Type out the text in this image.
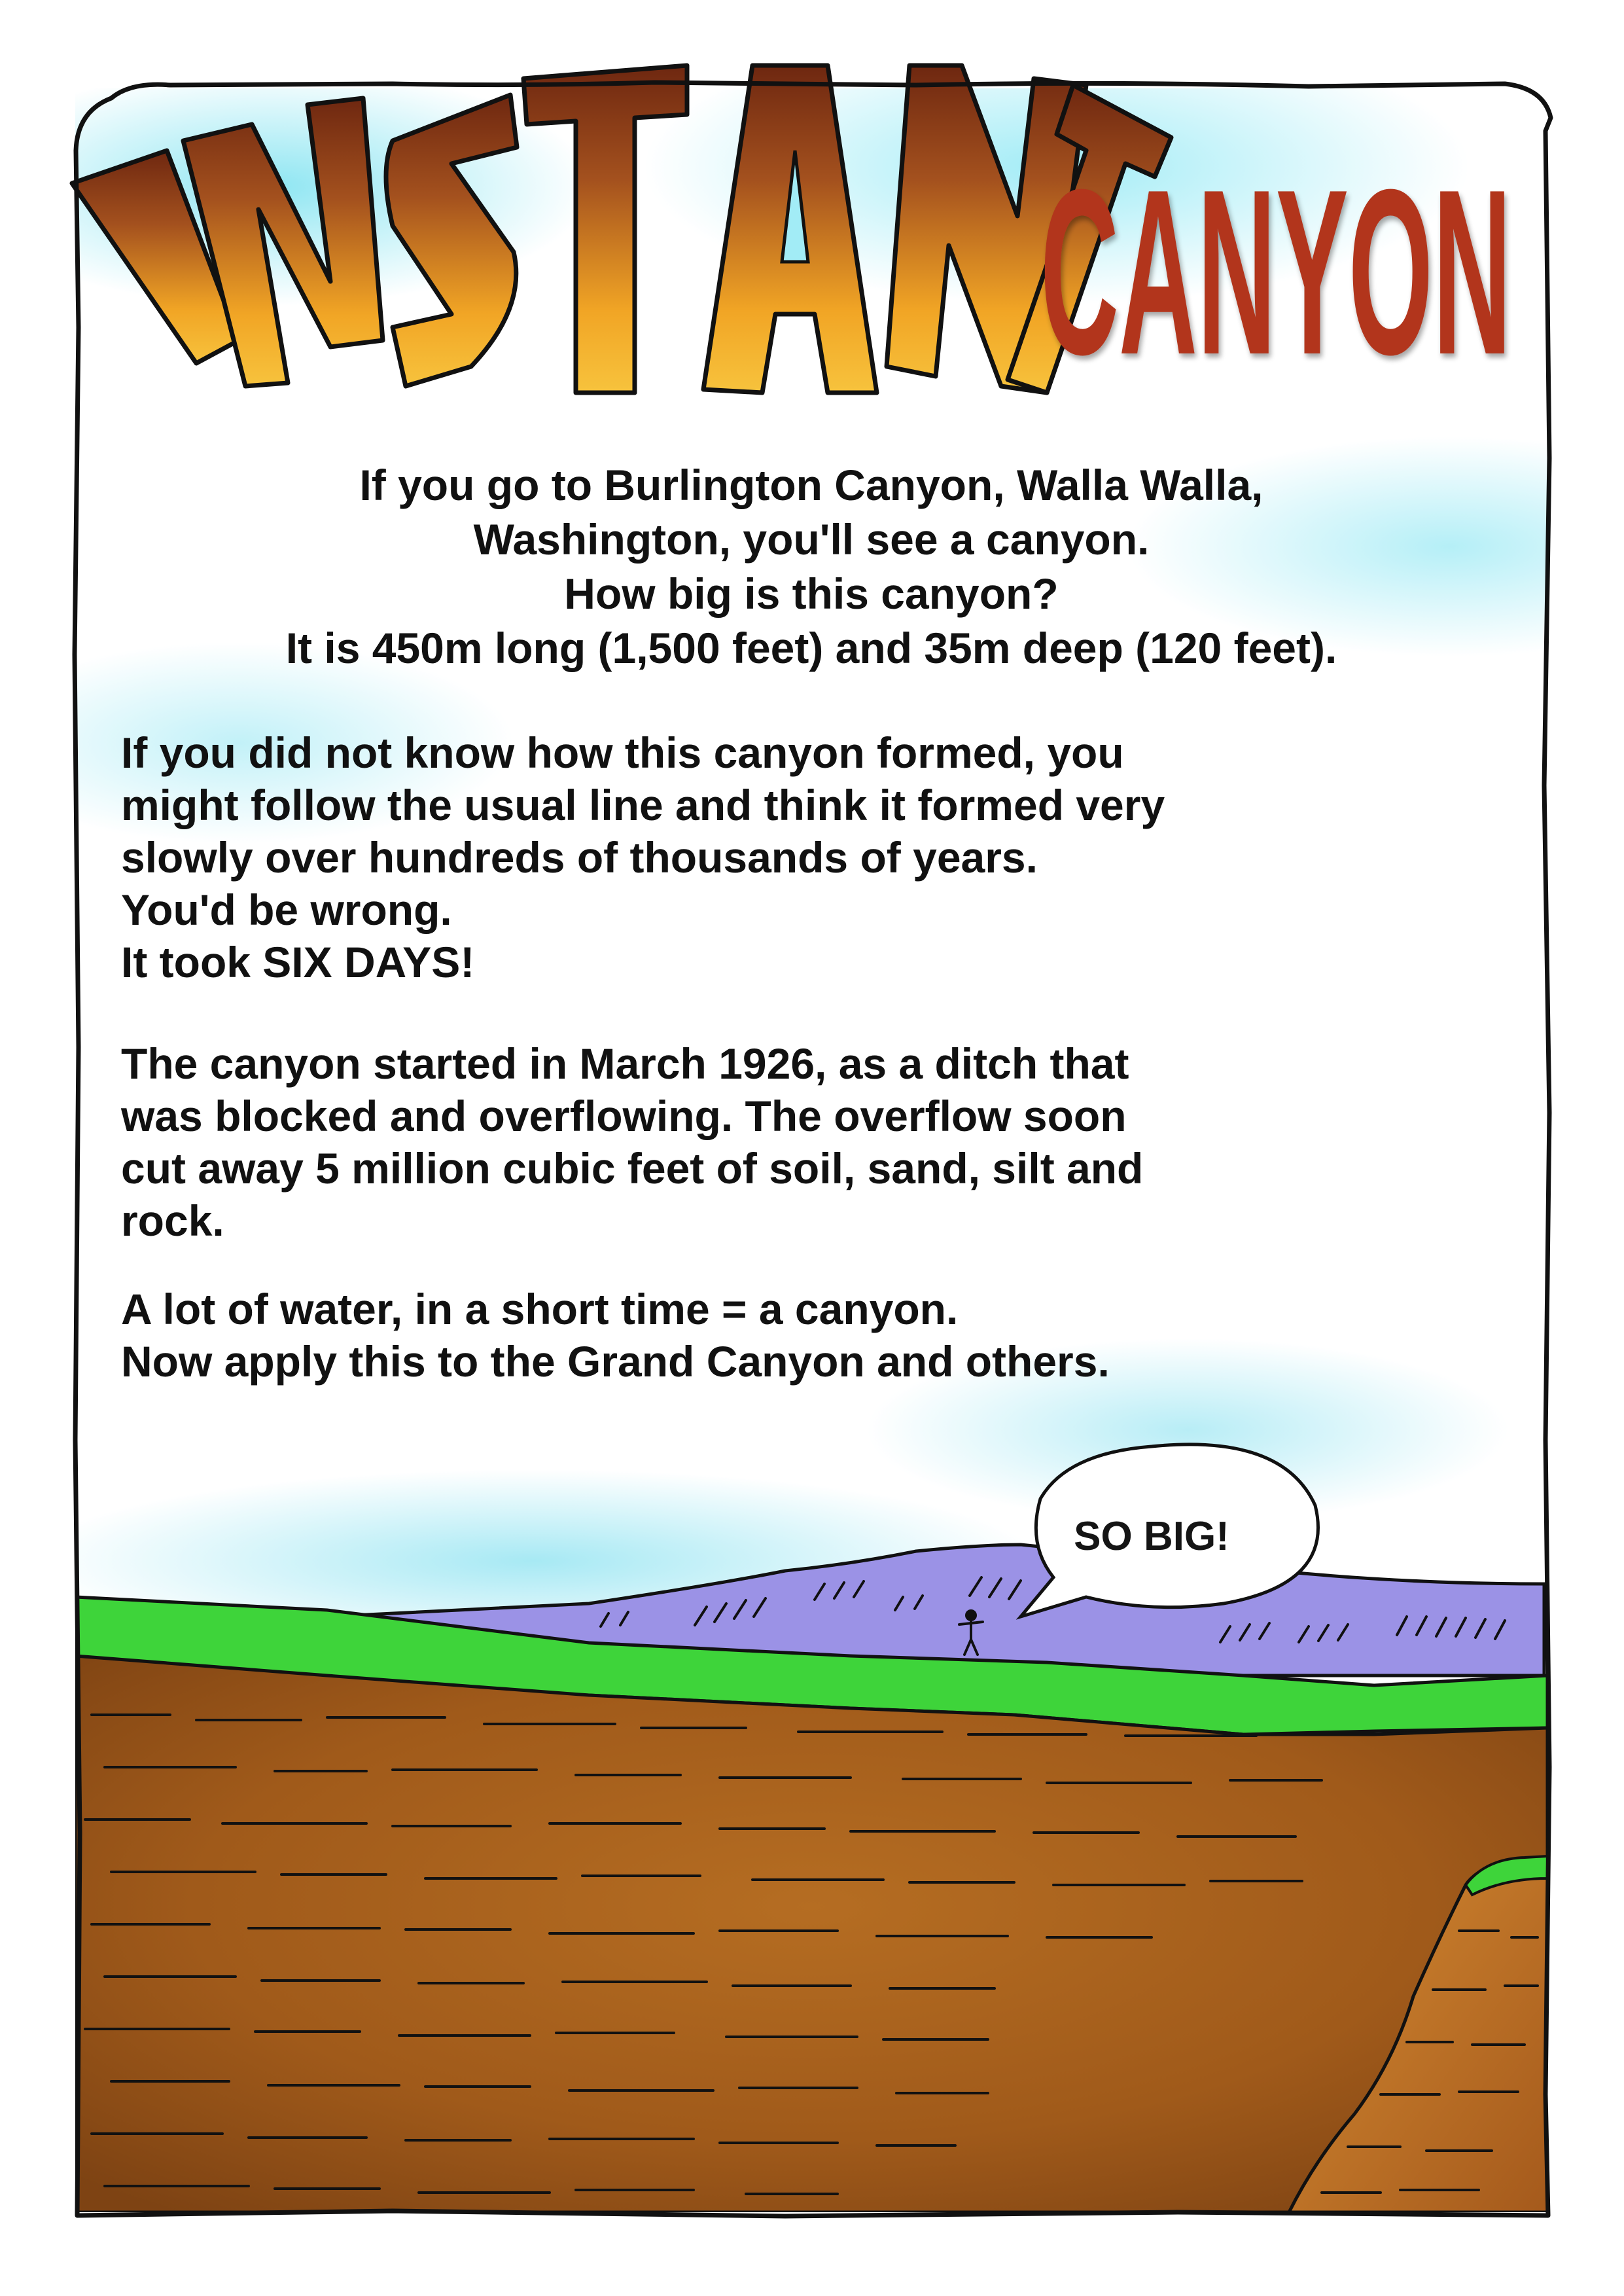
INSTANT
CANYON
If you go to Burlington Canyon, Walla Walla,
Washington, you'll see a canyon.
How big is this canyon?
It is 450m long (1,500 feet) and 35m deep (120 feet).
If you did not know how this canyon formed, you
might follow the usual line and think it formed very
slowly over hundreds of thousands of years.
You'd be wrong.
It took SIX DAYS!
The canyon started in March 1926, as a ditch that
was blocked and overflowing. The overflow soon
cut away 5 million cubic feet of soil, sand, silt and
rock.
A lot of water, in a short time = a canyon.
Now apply this to the Grand Canyon and others.
SO BIG!
